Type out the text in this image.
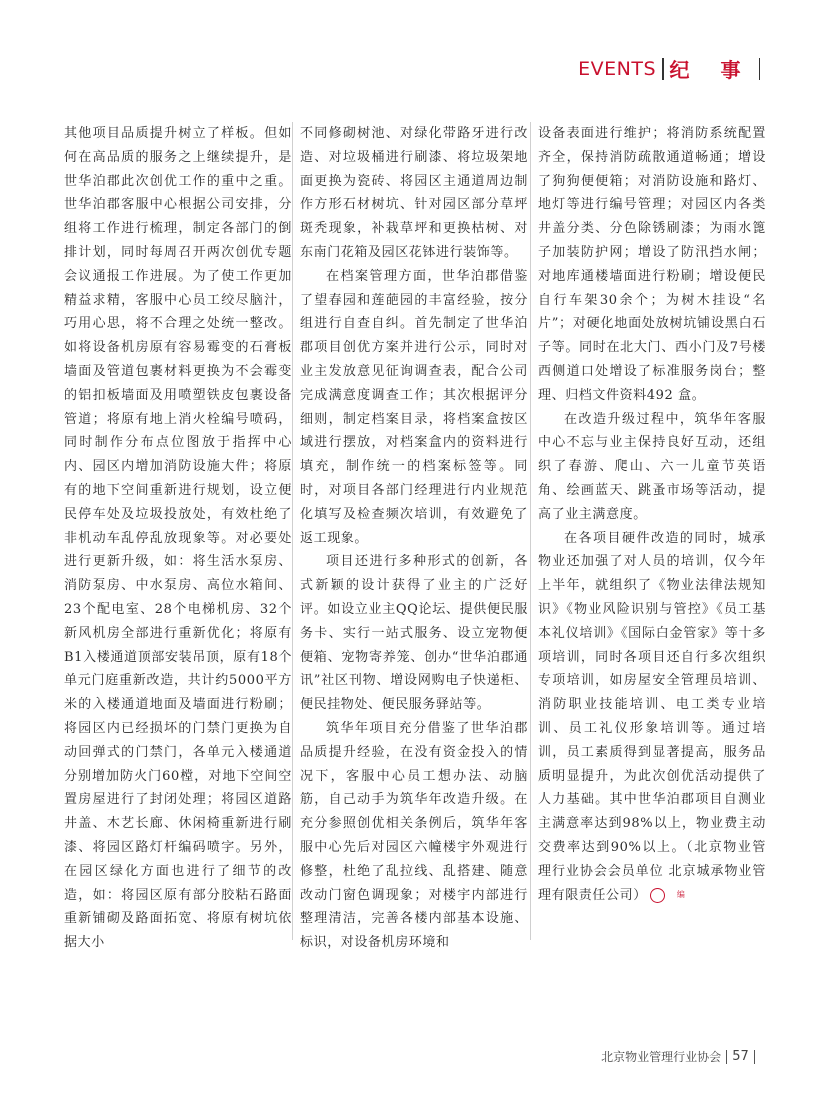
EVENTS 纪 事

其他项目品质提升树立了样板。但如何在高品质的服务之上继续提升，是世华泊郡此次创优工作的重中之重。世华泊郡客服中心根据公司安排，分组将工作进行梳理，制定各部门的倒排计划，同时每周召开两次创优专题会议通报工作进展。为了使工作更加精益求精，客服中心员工绞尽脑汁，巧用心思，将不合理之处统一整改。如将设备机房原有容易霉变的石膏板墙面及管道包裹材料更换为不会霉变的铝扣板墙面及用喷塑铁皮包裹设备管道；将原有地上消火栓编号喷码，同时制作分布点位图放于指挥中心内、园区内增加消防设施大件；将原有的地下空间重新进行规划，设立便民停车处及垃圾投放处，有效杜绝了非机动车乱停乱放现象等。对必要处进行更新升级，如：将生活水泵房、消防泵房、中水泵房、高位水箱间、23个配电室、28个电梯机房、32个新风机房全部进行重新优化；将原有B1入楼通道顶部安装吊顶，原有18个单元门庭重新改造，共计约5000平方米的入楼通道地面及墙面进行粉刷；将园区内已经损坏的门禁门更换为自动回弹式的门禁门，各单元入楼通道分别增加防火门60樘，对地下空间空置房屋进行了封闭处理；将园区道路井盖、木艺长廊、休闲椅重新进行刷漆、将园区路灯杆编码喷字。另外，在园区绿化方面也进行了细节的改造，如：将园区原有部分胶粘石路面重新铺砌及路面拓宽、将原有树坑依据大小

不同修砌树池、对绿化带路牙进行改造、对垃圾桶进行刷漆、将垃圾架地面更换为瓷砖、将园区主通道周边制作方形石材树坑、针对园区部分草坪斑秃现象，补栽草坪和更换枯树、对东南门花箱及园区花钵进行装饰等。

在档案管理方面，世华泊郡借鉴了望春园和莲葩园的丰富经验，按分组进行自查自纠。首先制定了世华泊郡项目创优方案并进行公示，同时对业主发放意见征询调查表，配合公司完成满意度调查工作；其次根据评分细则，制定档案目录，将档案盒按区域进行摆放，对档案盒内的资料进行填充，制作统一的档案标签等。同时，对项目各部门经理进行内业规范化填写及检查频次培训，有效避免了返工现象。

项目还进行多种形式的创新，各式新颖的设计获得了业主的广泛好评。如设立业主QQ论坛、提供便民服务卡、实行一站式服务、设立宠物便便箱、宠物寄养笼、创办“世华泊郡通讯”社区刊物、增设网购电子快递柜、便民挂物处、便民服务驿站等。

筑华年项目充分借鉴了世华泊郡品质提升经验，在没有资金投入的情况下，客服中心员工想办法、动脑筋，自己动手为筑华年改造升级。在充分参照创优相关条例后，筑华年客服中心先后对园区六幢楼宇外观进行修整，杜绝了乱拉线、乱搭建、随意改动门窗色调现象；对楼宇内部进行整理清洁，完善各楼内部基本设施、标识，对设备机房环境和

设备表面进行维护；将消防系统配置齐全，保持消防疏散通道畅通；增设了狗狗便便箱；对消防设施和路灯、地灯等进行编号管理；对园区内各类井盖分类、分色除锈刷漆；为雨水篦子加装防护网；增设了防汛挡水闸；对地库通楼墙面进行粉刷；增设便民自行车架30余个；为树木挂设“名片”；对硬化地面处放树坑铺设黑白石子等。同时在北大门、西小门及7号楼西侧道口处增设了标准服务岗台；整理、归档文件资料492 盒。

在改造升级过程中，筑华年客服中心不忘与业主保持良好互动，还组织了春游、爬山、六一儿童节英语角、绘画蓝天、跳蚤市场等活动，提高了业主满意度。

在各项目硬件改造的同时，城承物业还加强了对人员的培训，仅今年上半年，就组织了《物业法律法规知识》《物业风险识别与管控》《员工基本礼仪培训》《国际白金管家》等十多项培训，同时各项目还自行多次组织专项培训，如房屋安全管理员培训、消防职业技能培训、电工类专业培训、员工礼仪形象培训等。通过培训，员工素质得到显著提高，服务品质明显提升，为此次创优活动提供了人力基础。其中世华泊郡项目自测业主满意率达到98%以上，物业费主动交费率达到90%以上。（北京物业管理行业协会会员单位 北京城承物业管理有限责任公司）	编

北京物业管理行业协会 57
